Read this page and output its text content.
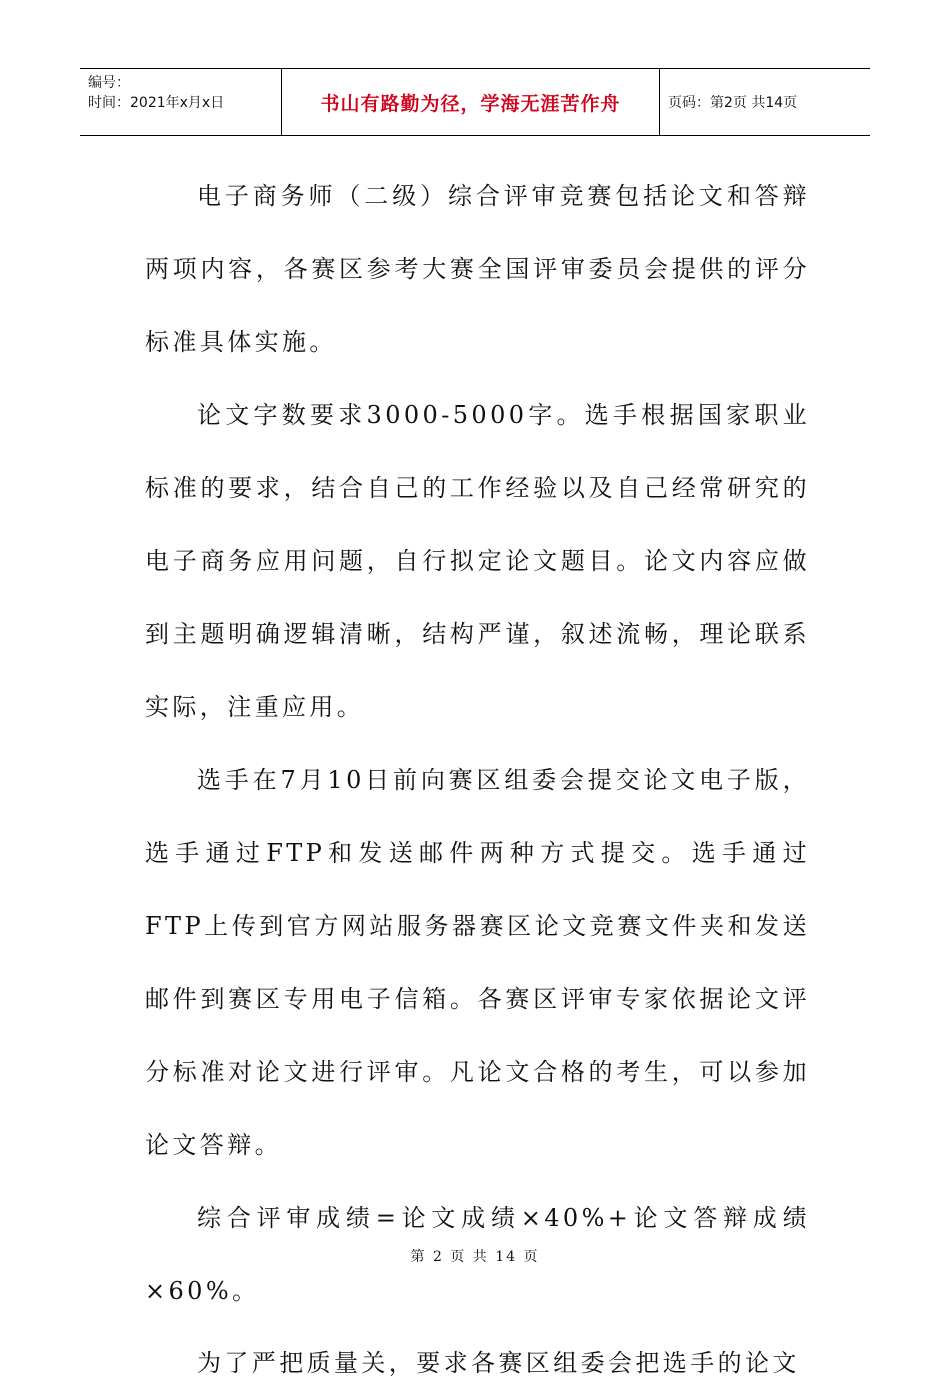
编号：
时间：2021年x月x日	书山有路勤为径，学海无涯苦作舟	页码：第2页 共14页

电子商务师（二级）综合评审竞赛包括论文和答辩两项内容，各赛区参考大赛全国评审委员会提供的评分标准具体实施。

论文字数要求3000-5000字。选手根据国家职业标准的要求，结合自己的工作经验以及自己经常研究的电子商务应用问题，自行拟定论文题目。论文内容应做到主题明确逻辑清晰，结构严谨，叙述流畅，理论联系实际，注重应用。

选手在7月10日前向赛区组委会提交论文电子版，选手通过FTP和发送邮件两种方式提交。选手通过FTP上传到官方网站服务器赛区论文竞赛文件夹和发送邮件到赛区专用电子信箱。各赛区评审专家依据论文评分标准对论文进行评审。凡论文合格的考生，可以参加论文答辩。

综合评审成绩=论文成绩×40%+论文答辩成绩×60%。

为了严把质量关，要求各赛区组委会把选手的论文

第 2 页 共 14 页
